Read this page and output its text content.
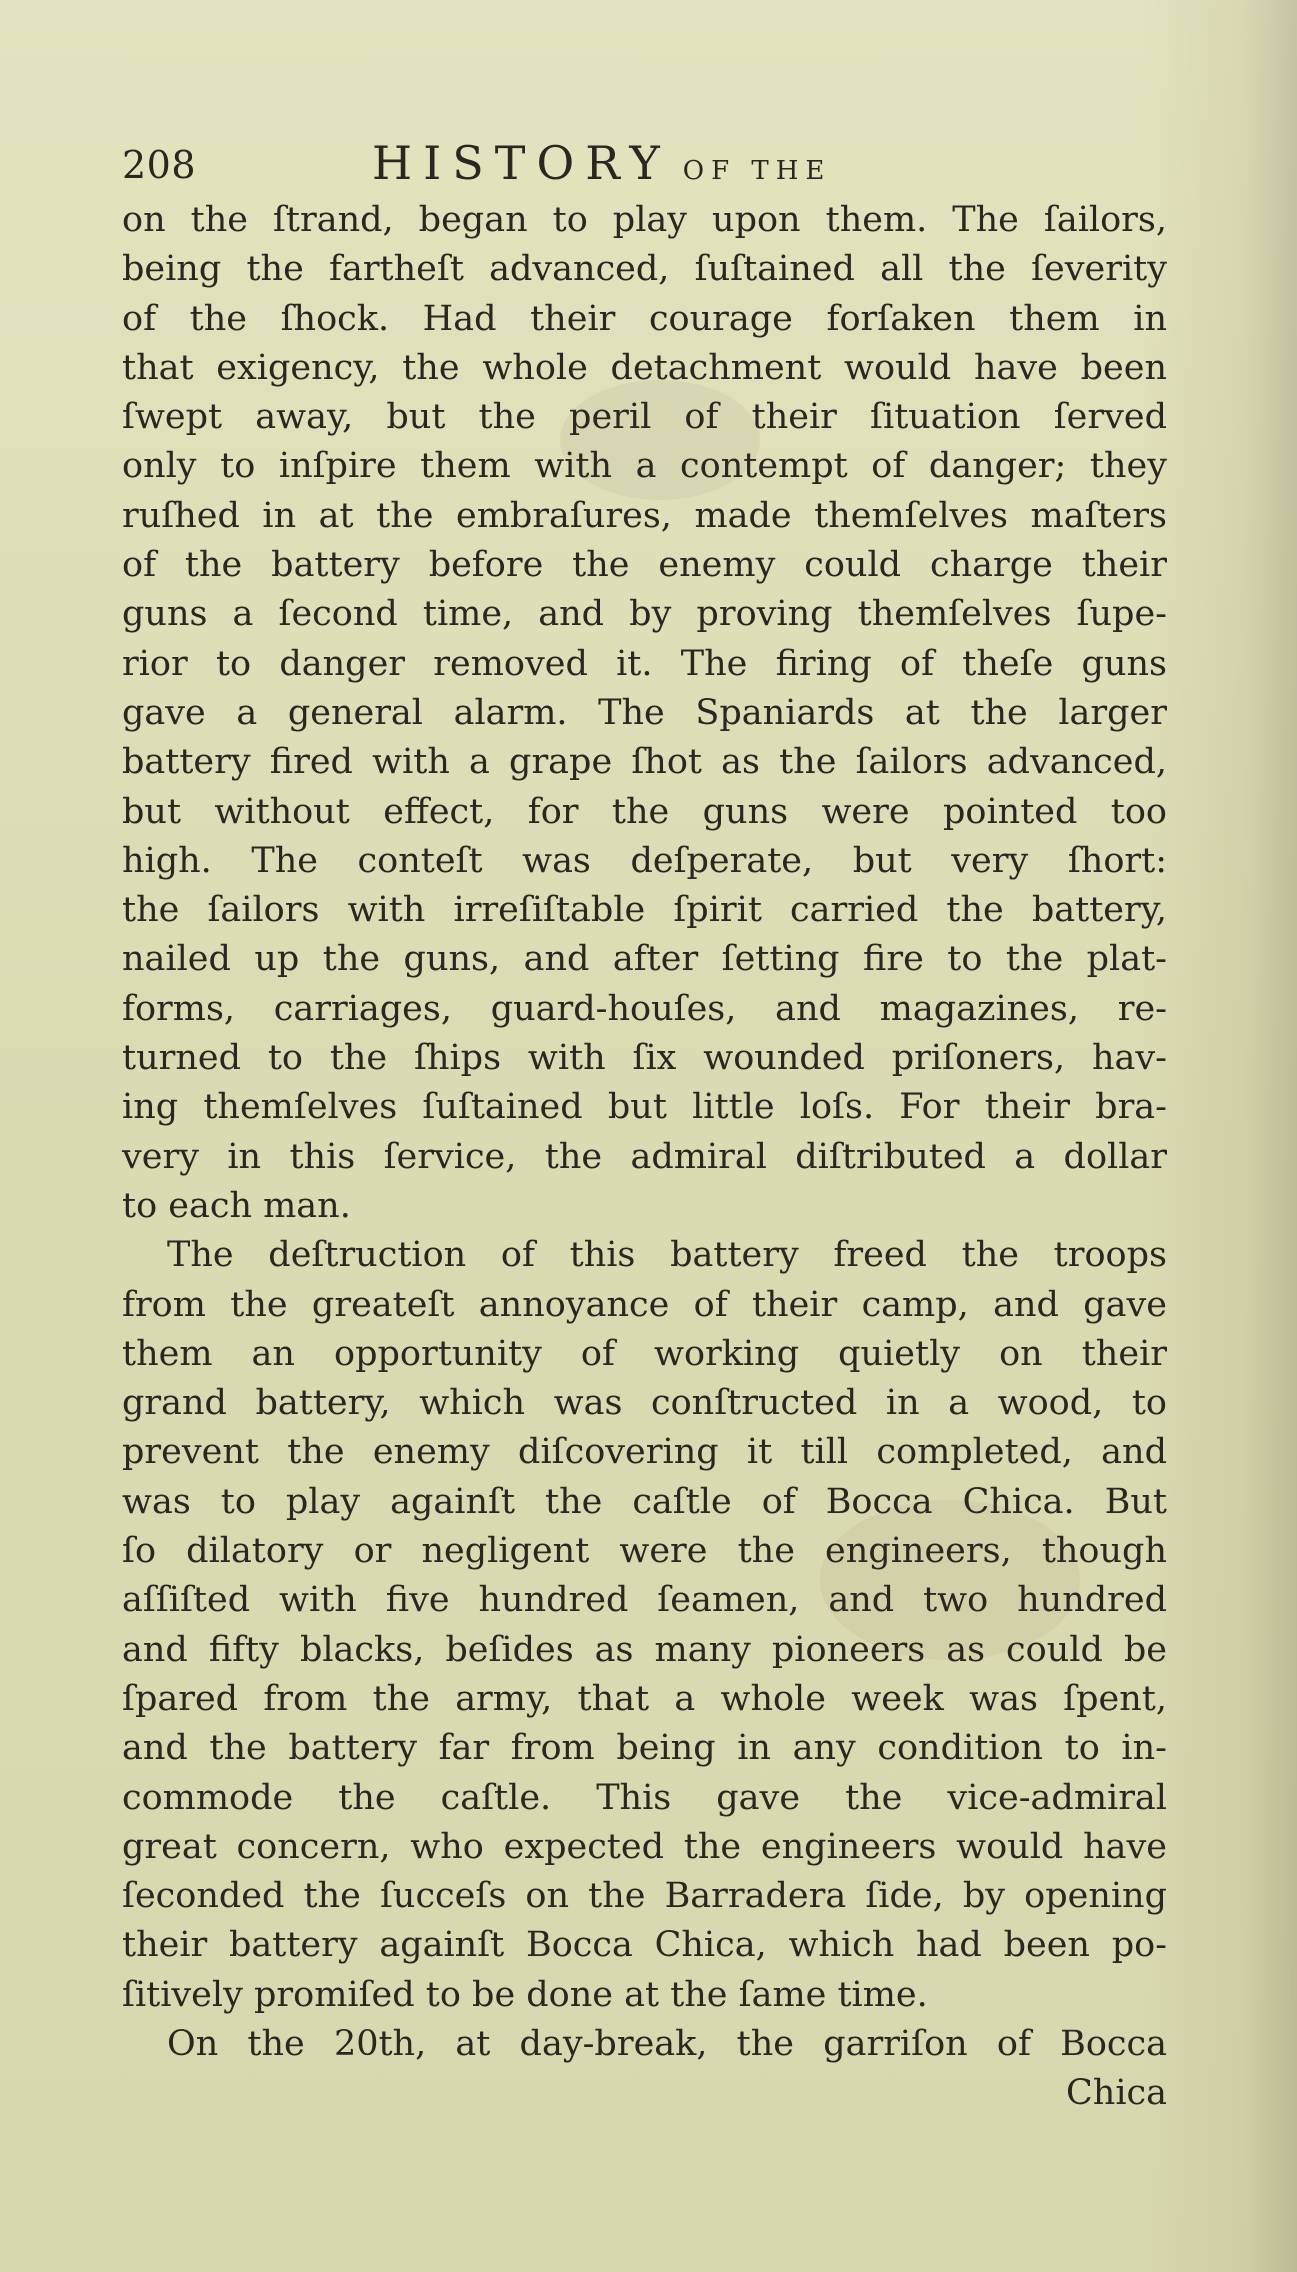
208	HISTORY OF THE
on the ſtrand, began to play upon them. The ſailors,
being the fartheſt advanced, ſuſtained all the ſeverity
of the ſhock. Had their courage forſaken them in
that exigency, the whole detachment would have been
ſwept away, but the peril of their ſituation ſerved
only to inſpire them with a contempt of danger; they
ruſhed in at the embraſures, made themſelves maſters
of the battery before the enemy could charge their
guns a ſecond time, and by proving themſelves ſupe-
rior to danger removed it. The firing of theſe guns
gave a general alarm. The Spaniards at the larger
battery fired with a grape ſhot as the ſailors advanced,
but without effect, for the guns were pointed too
high. The conteſt was deſperate, but very ſhort:
the ſailors with irreſiſtable ſpirit carried the battery,
nailed up the guns, and after ſetting fire to the plat-
forms, carriages, guard-houſes, and magazines, re-
turned to the ſhips with ſix wounded priſoners, hav-
ing themſelves ſuſtained but little loſs. For their bra-
very in this ſervice, the admiral diſtributed a dollar
to each man.
The deſtruction of this battery freed the troops
from the greateſt annoyance of their camp, and gave
them an opportunity of working quietly on their
grand battery, which was conſtructed in a wood, to
prevent the enemy diſcovering it till completed, and
was to play againſt the caſtle of Bocca Chica. But
ſo dilatory or negligent were the engineers, though
aſſiſted with five hundred ſeamen, and two hundred
and fifty blacks, beſides as many pioneers as could be
ſpared from the army, that a whole week was ſpent,
and the battery far from being in any condition to in-
commode the caſtle. This gave the vice-admiral
great concern, who expected the engineers would have
ſeconded the ſucceſs on the Barradera ſide, by opening
their battery againſt Bocca Chica, which had been po-
ſitively promiſed to be done at the ſame time.
On the 20th, at day-break, the garriſon of Bocca
Chica
